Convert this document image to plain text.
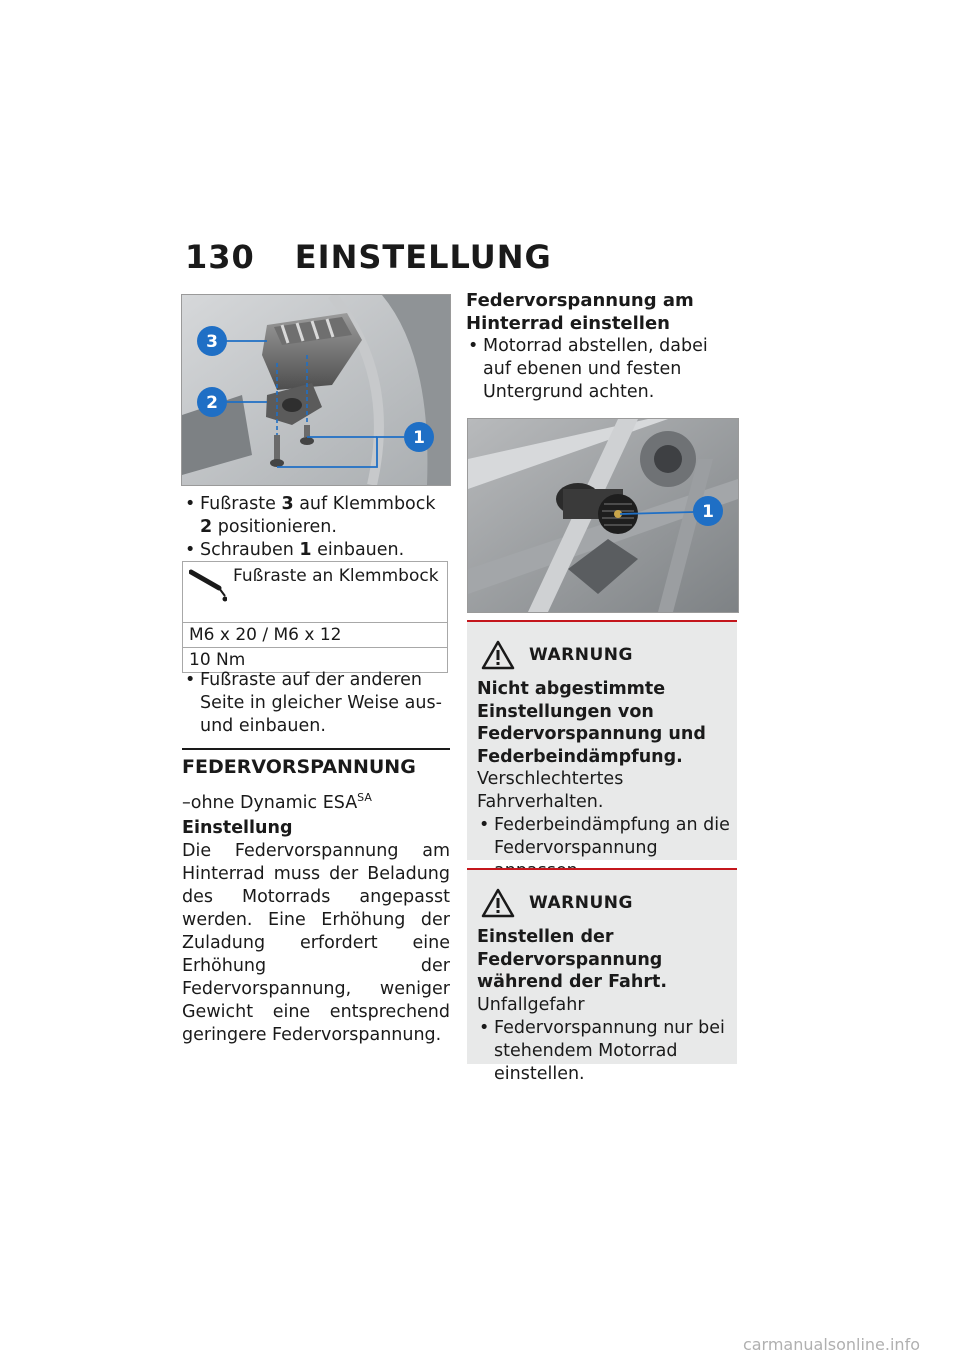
130 EINSTELLUNG
3
2
1
• Fußraste 3 auf Klemmbock 2 positionieren.
• Schrauben 1 einbauen.
Fußraste an Klemmbock

M6 x 20 / M6 x 12
10 Nm
• Fußraste auf der anderen Seite in gleicher Weise aus- und einbauen.
FEDERVORSPANNUNG
–ohne Dynamic $ESA^{SA}$
Einstellung
Die Federvorspannung am Hinterrad muss der Beladung des Motorrads angepasst werden. Eine Erhöhung der Zuladung erfordert eine Erhöhung der Federvorspannung, weniger Gewicht eine entsprechend geringere Federvorspannung.
Federvorspannung am Hinterrad einstellen
• Motorrad abstellen, dabei auf ebenen und festen Untergrund achten.
1
WARNUNG
Nicht abgestimmte Einstellungen von Federvorspannung und Federbeindämpfung.
Verschlechtertes Fahrverhalten.
• Federbeindämpfung an die Federvorspannung
WARNUNG
Einstellen der Federvorspannung während der Fahrt.
Unfallgefahr
• Federvorspannung nur bei stehendem Motorrad einstellen.
carmanualsonline.info
